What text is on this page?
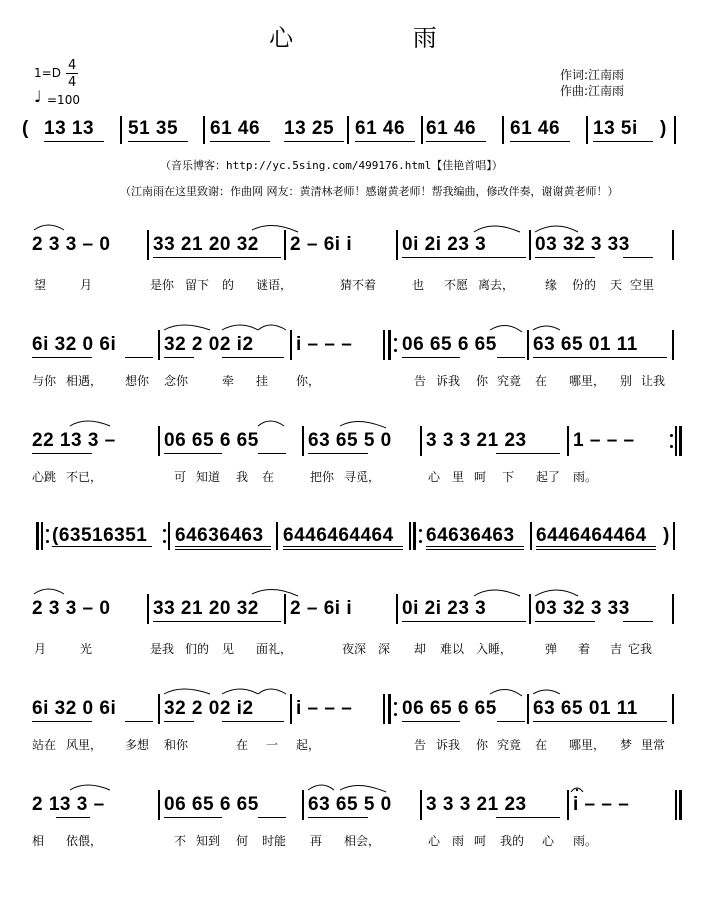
心 雨
1=D 4
4
♩ =100
作词:江南雨
作曲:江南雨
( 13 13 51 35 61 46 13 25 61 46 61 46 61 46 13 5i )
（音乐博客：http://yc.5sing.com/499176.html【佳艳首唱】）
（江南雨在这里致谢：作曲网 网友：黄清林老师！感谢黄老师！帮我编曲，修改伴奏，谢谢黄老师！）
2 3 3 – 0 33 21 20 32 2 – 6i i	0i 2i 23 3	03 32 3 33
望	月	是你 留下 的 谜语，	猜不着	也 不愿 离去，	缘 份的 天 空里
6i 32 0 6i	32 2 02 i2 i – – –	06 65 6 65 63 65 01 11
与你 相遇， 想你 念你	牵 挂 你，	告 诉我 你 究竟 在 哪里， 别 让我
22 13 3 –	06 65 6 65	63 65 5 0 3 3 3 21 23 1 – – –
心跳 不已，	可 知道 我 在	把你 寻觅，	心 里 呵 下 起了 雨。
(63516351 64636463 6446464464 64636463 6446464464 )
2 3 3 – 0 33 21 20 32 2 – 6i i	0i 2i 23 3	03 32 3 33
月	光	是我 们的 见 面礼，	夜深 深 却 难以 入睡，	弹 着 吉 它我
6i 32 0 6i	32 2 02 i2 i – – –	06 65 6 65 63 65 01 11
站在 风里， 多想 和你	在 一 起，	告 诉我 你 究竟 在 哪里， 梦 里常
2 13 3 –	06 65 6 65	63 65 5 0 3 3 3 21 23 i – – –
相 依偎，	不 知到 何 时能 再 相会，	心 雨 呵 我的 心 雨。
